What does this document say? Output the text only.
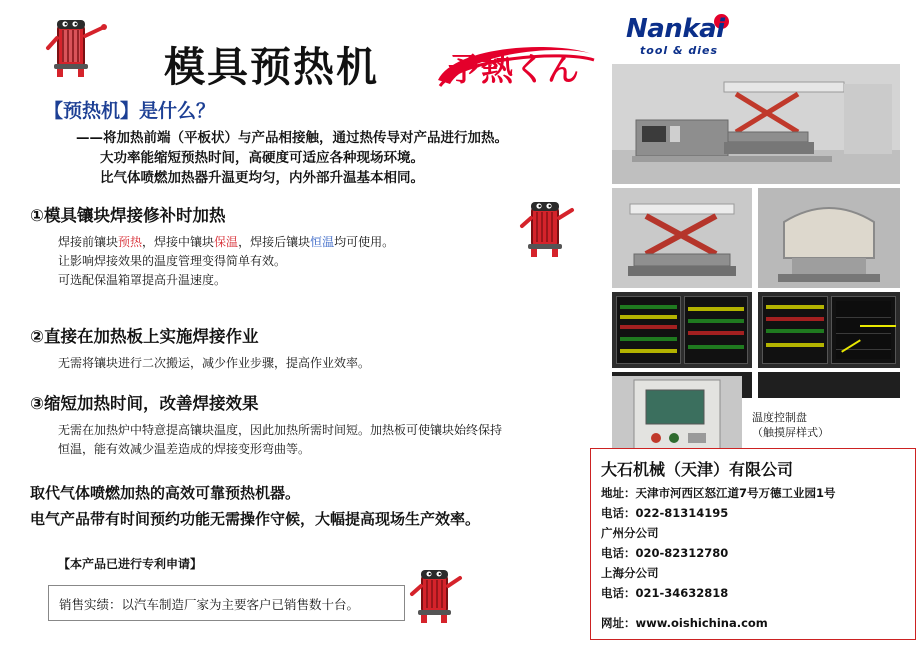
模具预热机 予熱くん
【预热机】是什么？
——将加热前端（平板状）与产品相接触，通过热传导对产品进行加热。
大功率能缩短预热时间，高硬度可适应各种现场环境。
比气体喷燃加热器升温更均匀，内外部升温基本相同。
①模具镶块焊接修补时加热
焊接前镶块预热，焊接中镶块保温，焊接后镶块恒温均可使用。
让影响焊接效果的温度管理变得简单有效。
可选配保温箱罩提高升温速度。
②直接在加热板上实施焊接作业
无需将镶块进行二次搬运，减少作业步骤，提高作业效率。
③缩短加热时间，改善焊接效果
无需在加热炉中特意提高镶块温度，因此加热所需时间短。加热板可使镶块始终保持
恒温，能有效减少温差造成的焊接变形弯曲等。
取代气体喷燃加热的高效可靠预热机器。
电气产品带有时间预约功能无需操作守候，大幅提高现场生产效率。
【本产品已进行专利申请】
销售实绩：以汽车制造厂家为主要客户已销售数十台。
Nankai
tool & dies
温度控制盘
（触摸屏样式）
大石机械（天津）有限公司
地址：天津市河西区怒江道7号万德工业园1号
电话：022-81314195
广州分公司
电话：020-82312780
上海分公司
电话：021-34632818
网址：www.oishichina.com
